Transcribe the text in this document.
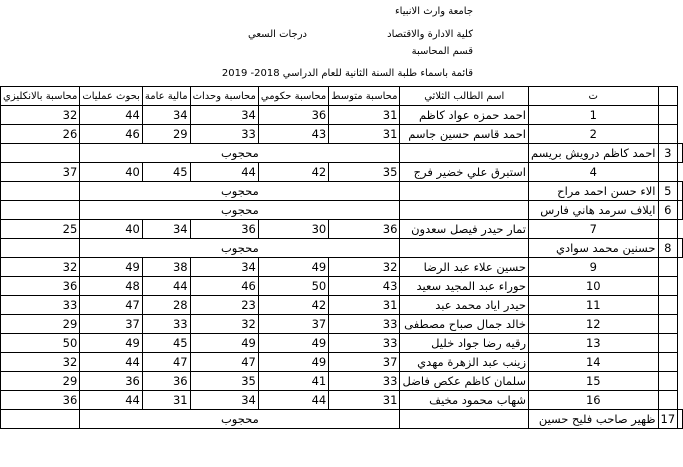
جامعة وارث الانبياء
كلية الادارة والاقتصاد
درجات السعي
قسم المحاسبة
قائمة باسماء طلبة السنة الثانية للعام الدراسي 2018- 2019
محاسبة بالانكليزي	بحوث عمليات	مالية عامة	محاسبة وحدات	محاسبة حكومي	محاسبة متوسط	اسم الطالب الثلاثي	ت		
32	44	34	34	36	31	احمد حمزه عواد كاظم	1		
26	46	29	33	43	31	احمد قاسم حسين جاسم	2		
	محجوب						احمد كاظم درويش بريسم	3	
37	40	45	44	42	35	استبرق علي خضير فرج	4		
	محجوب						الاء حسن احمد مراح	5	
	محجوب						ايلاف سرمد هاني فارس	6	
25	40	34	36	30	36	تمار حيدر فيصل سعدون	7		
	محجوب						حسنين محمد سوادي	8	
32	49	38	34	49	32	حسين علاء عبد الرضا	9		
36	48	44	46	50	43	حوراء عبد المجيد سعيد	10		
33	47	28	23	42	31	حيدر اياد محمد عبد	11		
29	37	33	32	37	33	خالد جمال صباح مصطفى	12		
50	49	45	49	49	33	رقيه رضا جواد خليل	13		
32	44	47	47	49	37	زينب عبد الزهرة مهدي	14		
29	36	36	35	41	33	سلمان كاظم عكص فاضل	15		
36	44	31	34	44	31	شهاب محمود مخيف	16		
	محجوب						ظهير صاحب فليح حسين	17	
